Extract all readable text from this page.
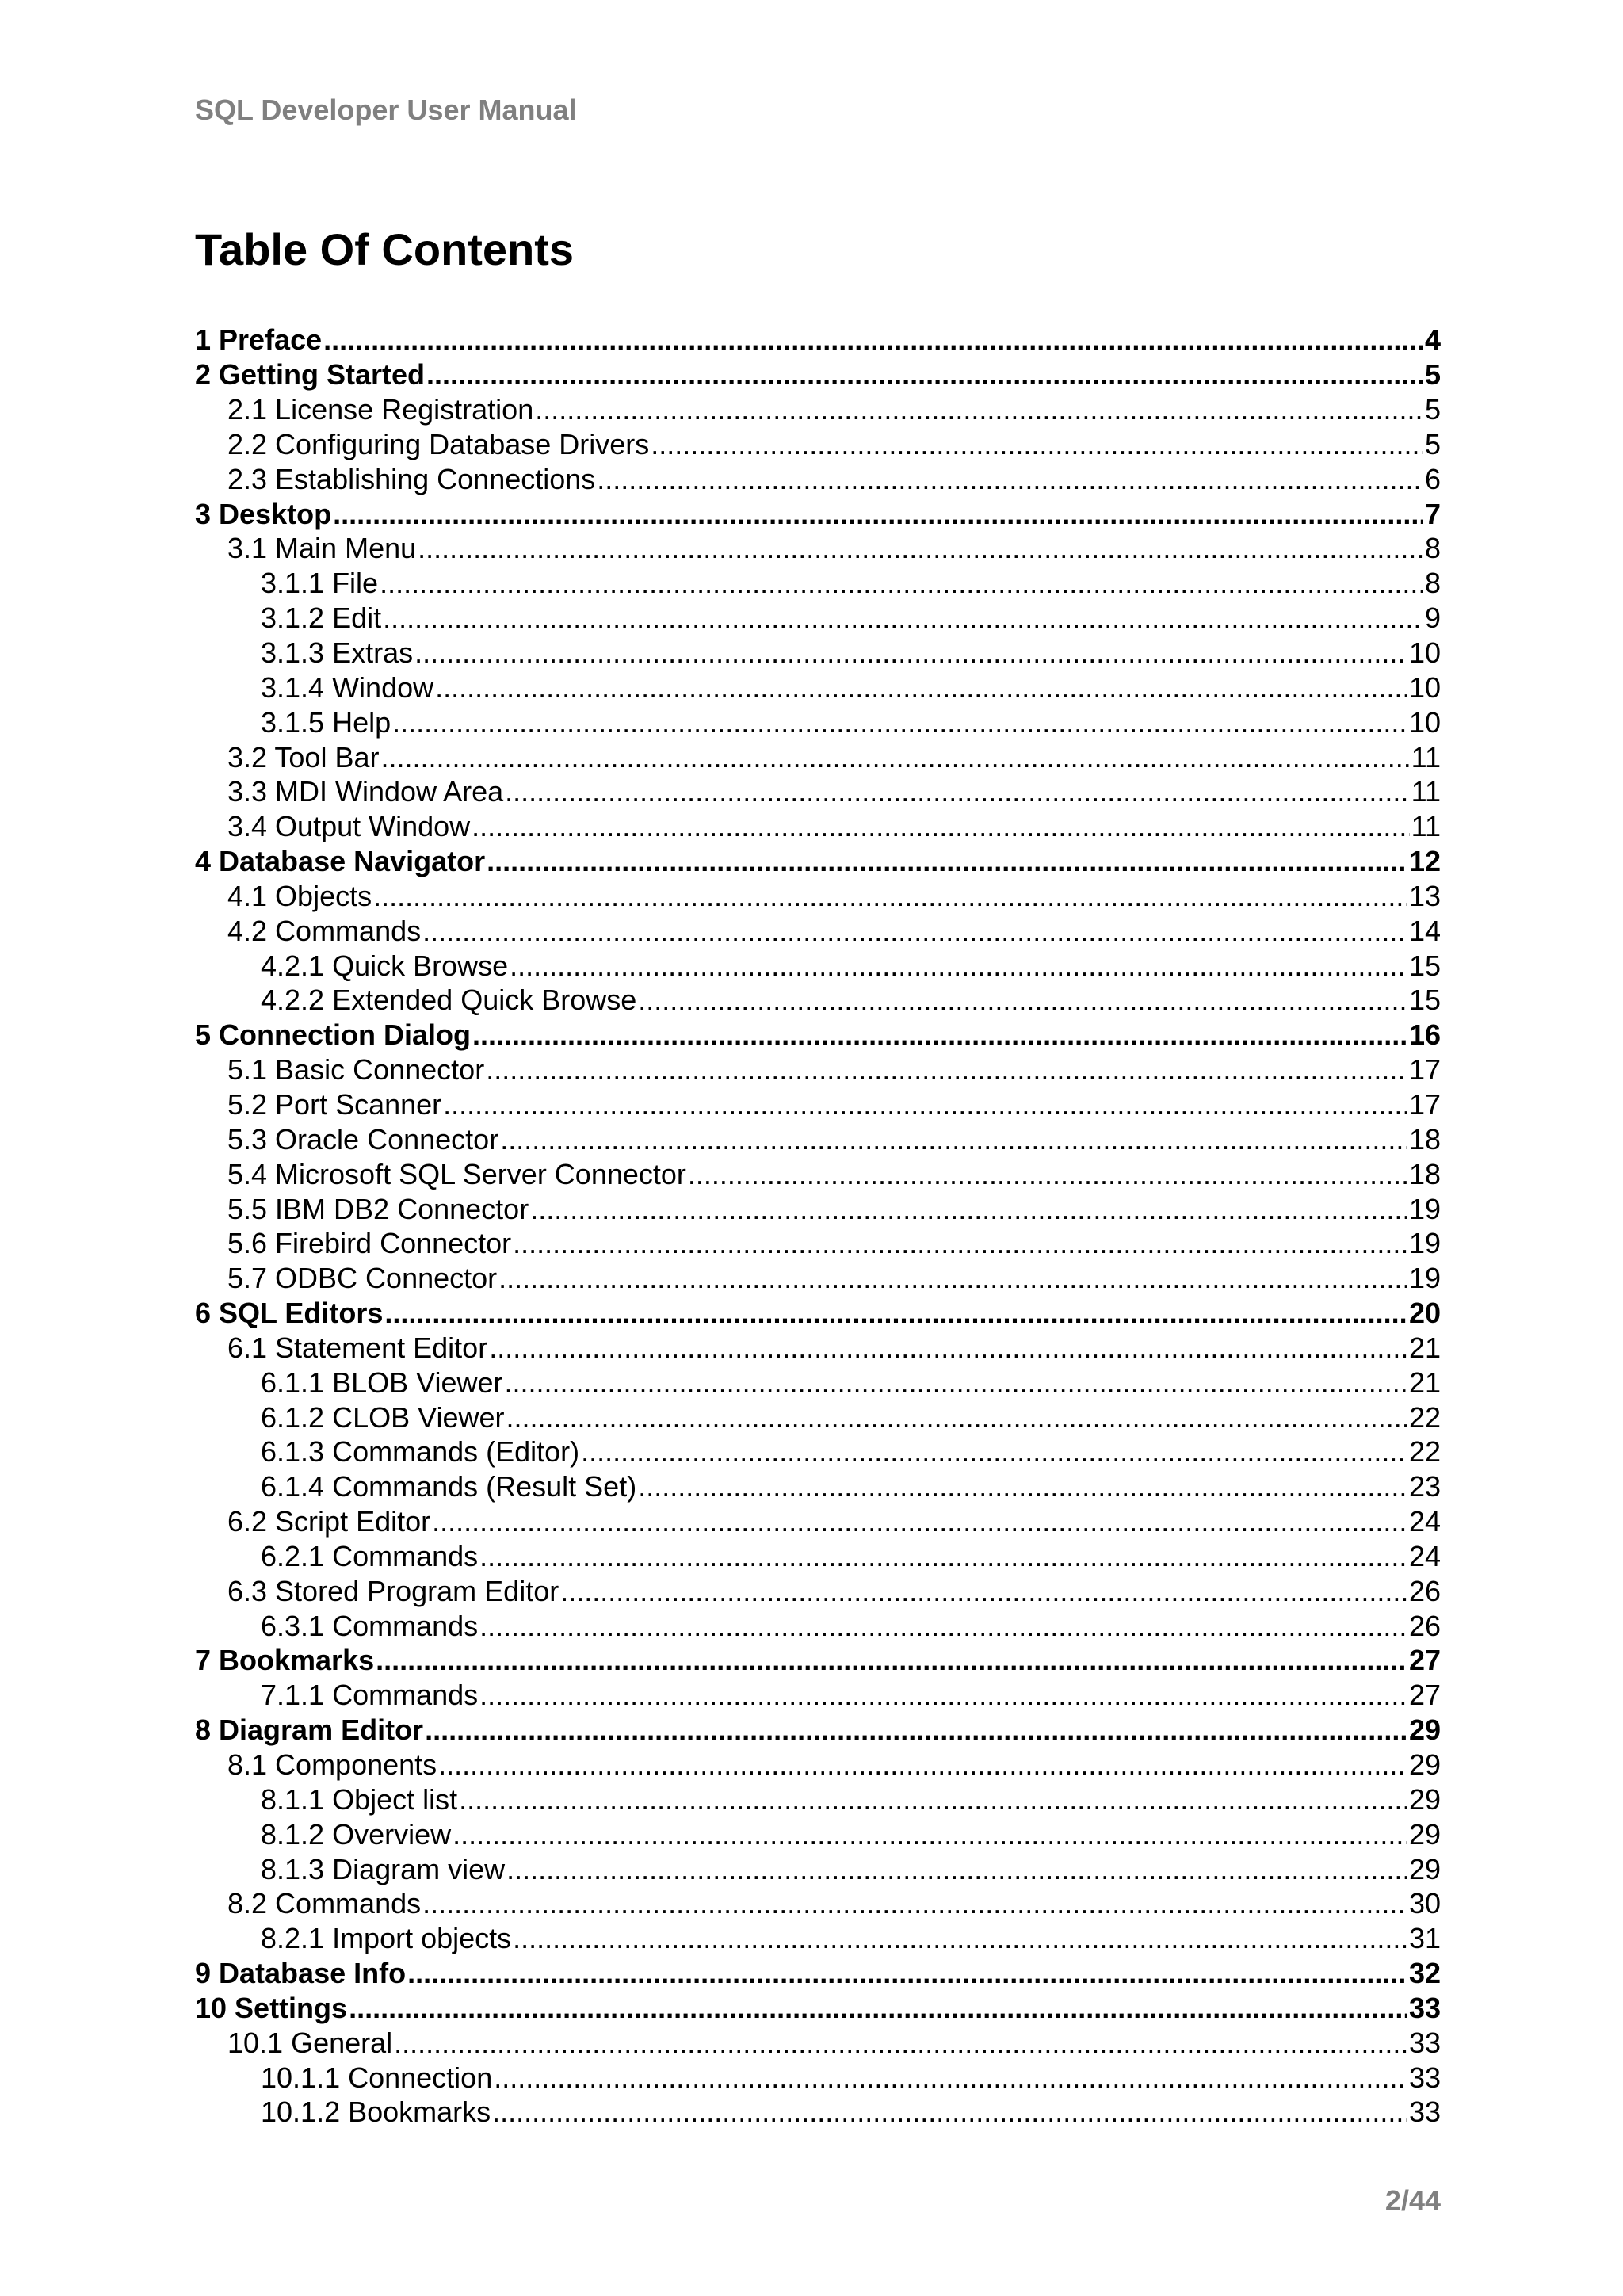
SQL Developer User Manual
Table Of Contents
1 Preface .....	4
2 Getting Started .....	5
2.1 License Registration .....	5
2.2 Configuring Database Drivers .....	5
2.3 Establishing Connections .....	6
3 Desktop .....	7
3.1 Main Menu .....	8
3.1.1 File .....	8
3.1.2 Edit .....	9
3.1.3 Extras .....	10
3.1.4 Window .....	10
3.1.5 Help .....	10
3.2 Tool Bar .....	11
3.3 MDI Window Area .....	11
3.4 Output Window .....	11
4 Database Navigator .....	12
4.1 Objects .....	13
4.2 Commands .....	14
4.2.1 Quick Browse .....	15
4.2.2 Extended Quick Browse .....	15
5 Connection Dialog .....	16
5.1 Basic Connector .....	17
5.2 Port Scanner .....	17
5.3 Oracle Connector .....	18
5.4 Microsoft SQL Server Connector .....	18
5.5 IBM DB2 Connector .....	19
5.6 Firebird Connector .....	19
5.7 ODBC Connector .....	19
6 SQL Editors .....	20
6.1 Statement Editor .....	21
6.1.1 BLOB Viewer .....	21
6.1.2 CLOB Viewer .....	22
6.1.3 Commands (Editor) .....	22
6.1.4 Commands (Result Set) .....	23
6.2 Script Editor .....	24
6.2.1 Commands .....	24
6.3 Stored Program Editor .....	26
6.3.1 Commands .....	26
7 Bookmarks .....	27
7.1.1 Commands .....	27
8 Diagram Editor .....	29
8.1 Components .....	29
8.1.1 Object list .....	29
8.1.2 Overview .....	29
8.1.3 Diagram view .....	29
8.2 Commands .....	30
8.2.1 Import objects .....	31
9 Database Info .....	32
10 Settings .....	33
10.1 General .....	33
10.1.1 Connection .....	33
10.1.2 Bookmarks .....	33
2/44
